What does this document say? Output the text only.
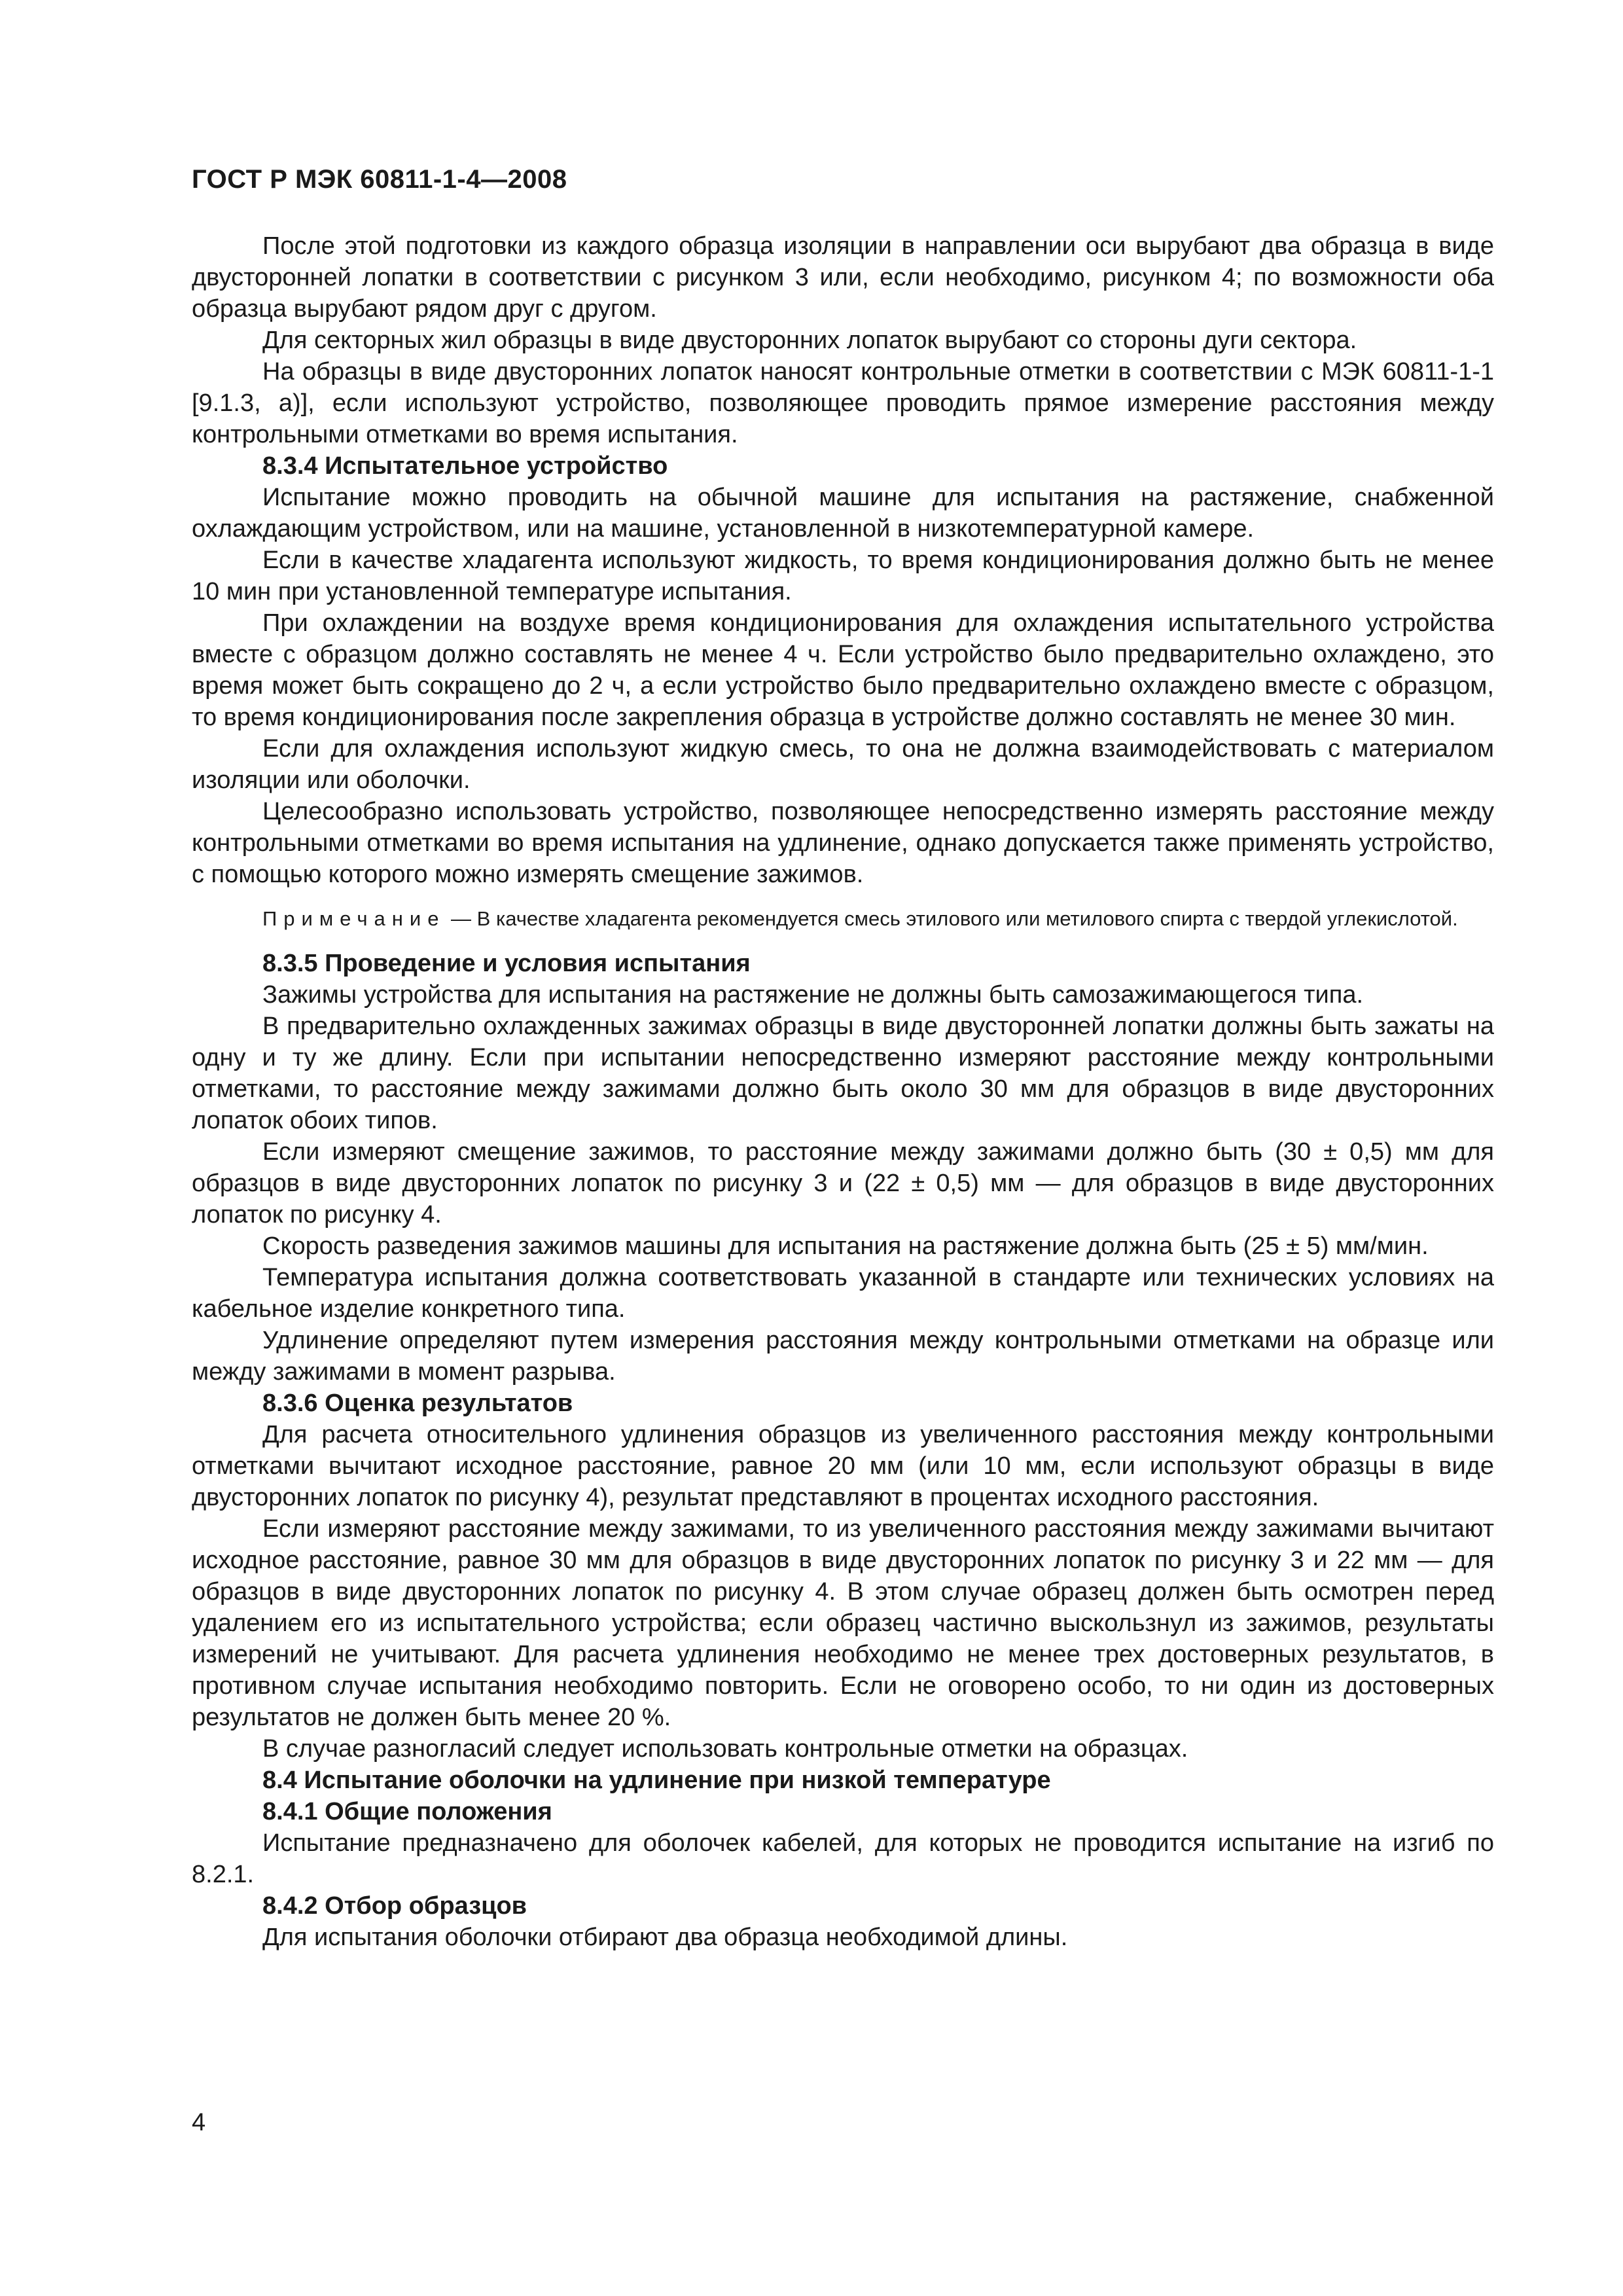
ГОСТ Р МЭК 60811-1-4—2008

После этой подготовки из каждого образца изоляции в направлении оси вырубают два образца в виде двусторонней лопатки в соответствии с рисунком 3 или, если необходимо, рисунком 4; по возможности оба образца вырубают рядом друг с другом.

Для секторных жил образцы в виде двусторонних лопаток вырубают со стороны дуги сектора.

На образцы в виде двусторонних лопаток наносят контрольные отметки в соответствии с МЭК 60811-1-1 [9.1.3, а)], если используют устройство, позволяющее проводить прямое измерение расстояния между контрольными отметками во время испытания.

8.3.4 Испытательное устройство

Испытание можно проводить на обычной машине для испытания на растяжение, снабженной охлаждающим устройством, или на машине, установленной в низкотемпературной камере.

Если в качестве хладагента используют жидкость, то время кондиционирования должно быть не менее 10 мин при установленной температуре испытания.

При охлаждении на воздухе время кондиционирования для охлаждения испытательного устройства вместе с образцом должно составлять не менее 4 ч. Если устройство было предварительно охлаждено, это время может быть сокращено до 2 ч, а если устройство было предварительно охлаждено вместе с образцом, то время кондиционирования после закрепления образца в устройстве должно составлять не менее 30 мин.

Если для охлаждения используют жидкую смесь, то она не должна взаимодействовать с материалом изоляции или оболочки.

Целесообразно использовать устройство, позволяющее непосредственно измерять расстояние между контрольными отметками во время испытания на удлинение, однако допускается также применять устройство, с помощью которого можно измерять смещение зажимов.

Примечание — В качестве хладагента рекомендуется смесь этилового или метилового спирта с твердой углекислотой.

8.3.5 Проведение и условия испытания

Зажимы устройства для испытания на растяжение не должны быть самозажимающегося типа.

В предварительно охлажденных зажимах образцы в виде двусторонней лопатки должны быть зажаты на одну и ту же длину. Если при испытании непосредственно измеряют расстояние между контрольными отметками, то расстояние между зажимами должно быть около 30 мм для образцов в виде двусторонних лопаток обоих типов.

Если измеряют смещение зажимов, то расстояние между зажимами должно быть (30 ± 0,5) мм для образцов в виде двусторонних лопаток по рисунку 3 и (22 ± 0,5) мм — для образцов в виде двусторонних лопаток по рисунку 4.

Скорость разведения зажимов машины для испытания на растяжение должна быть (25 ± 5) мм/мин.

Температура испытания должна соответствовать указанной в стандарте или технических условиях на кабельное изделие конкретного типа.

Удлинение определяют путем измерения расстояния между контрольными отметками на образце или между зажимами в момент разрыва.

8.3.6 Оценка результатов

Для расчета относительного удлинения образцов из увеличенного расстояния между контрольными отметками вычитают исходное расстояние, равное 20 мм (или 10 мм, если используют образцы в виде двусторонних лопаток по рисунку 4), результат представляют в процентах исходного расстояния.

Если измеряют расстояние между зажимами, то из увеличенного расстояния между зажимами вычитают исходное расстояние, равное 30 мм для образцов в виде двусторонних лопаток по рисунку 3 и 22 мм — для образцов в виде двусторонних лопаток по рисунку 4. В этом случае образец должен быть осмотрен перед удалением его из испытательного устройства; если образец частично выскользнул из зажимов, результаты измерений не учитывают. Для расчета удлинения необходимо не менее трех достоверных результатов, в противном случае испытания необходимо повторить. Если не оговорено особо, то ни один из достоверных результатов не должен быть менее 20 %.

В случае разногласий следует использовать контрольные отметки на образцах.

8.4 Испытание оболочки на удлинение при низкой температуре

8.4.1 Общие положения

Испытание предназначено для оболочек кабелей, для которых не проводится испытание на изгиб по 8.2.1.

8.4.2 Отбор образцов

Для испытания оболочки отбирают два образца необходимой длины.

4
